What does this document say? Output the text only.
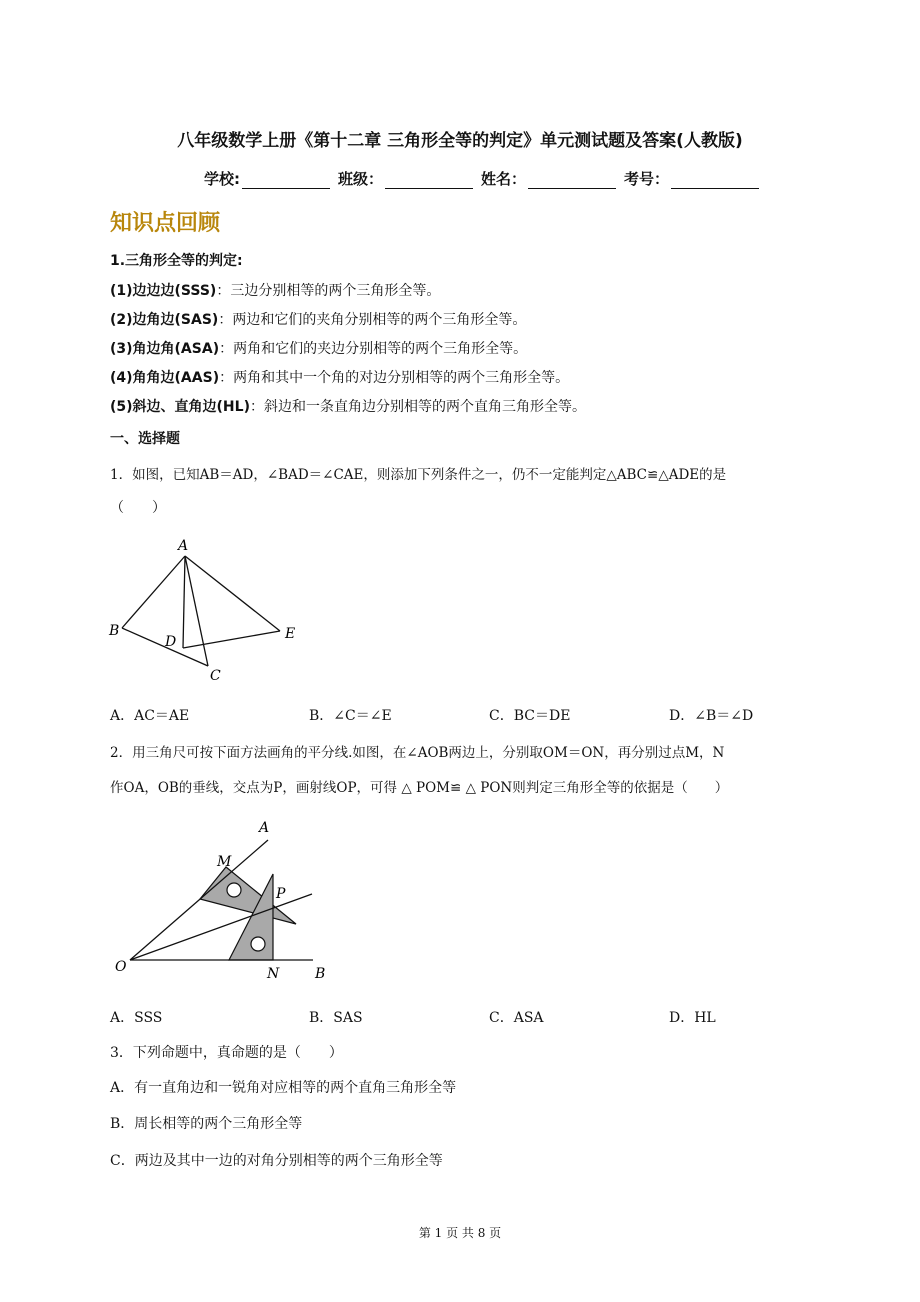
八年级数学上册《第十二章 三角形全等的判定》单元测试题及答案(人教版)
学校:	班级：	姓名：	考号：
知识点回顾
1.三角形全等的判定:
(1)边边边(SSS)：三边分别相等的两个三角形全等。
(2)边角边(SAS)：两边和它们的夹角分别相等的两个三角形全等。
(3)角边角(ASA)：两角和它们的夹边分别相等的两个三角形全等。
(4)角角边(AAS)：两角和其中一个角的对边分别相等的两个三角形全等。
(5)斜边、直角边(HL)：斜边和一条直角边分别相等的两个直角三角形全等。
一、选择题
1．如图，已知AB＝AD，∠BAD＝∠CAE，则添加下列条件之一，仍不一定能判定△ABC≌△ADE的是
（　　）
A
B
D	E
C
A．AC＝AE	B．∠C＝∠E	C．BC＝DE	D．∠B＝∠D
2．用三角尺可按下面方法画角的平分线.如图，在∠AOB两边上，分别取OM＝ON，再分别过点M，N
作OA，OB的垂线，交点为P，画射线OP，可得 △ POM≌ △ PON则判定三角形全等的依据是（　　）
A
M
P
O	N	B
A．SSS	B．SAS	C．ASA	D．HL
3．下列命题中，真命题的是（　　）
A．有一直角边和一锐角对应相等的两个直角三角形全等
B．周长相等的两个三角形全等
C．两边及其中一边的对角分别相等的两个三角形全等
第 1 页 共 8 页
